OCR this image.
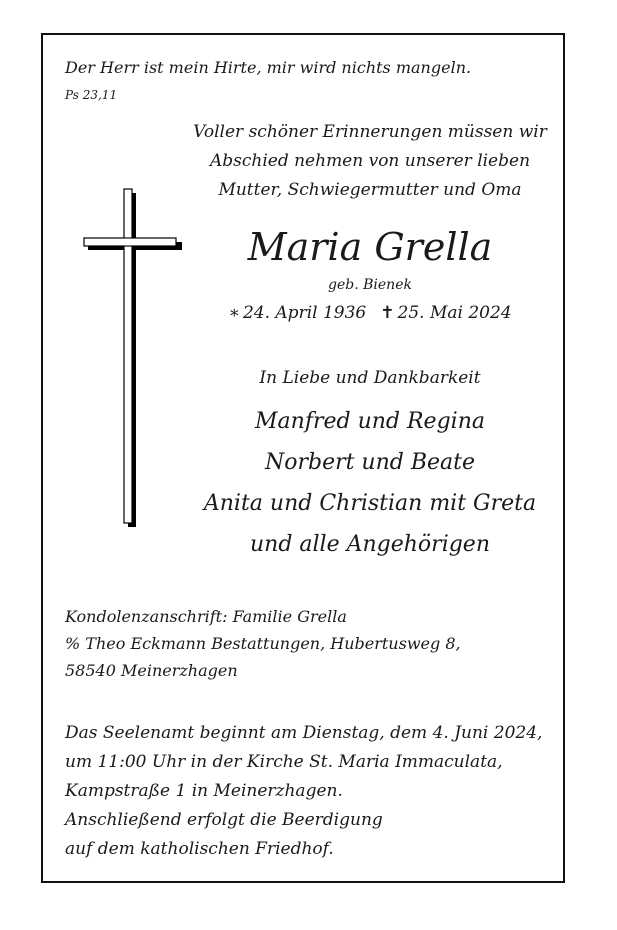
Der Herr ist mein Hirte, mir wird nichts mangeln.
Ps 23,11
Voller schöner Erinnerungen müssen wir
Abschied nehmen von unserer lieben
Mutter, Schwiegermutter und Oma
Maria Grella
geb. Bienek
∗ 24. April 1936 ✝ 25. Mai 2024
In Liebe und Dankbarkeit
Manfred und Regina
Norbert und Beate
Anita und Christian mit Greta
und alle Angehörigen
Kondolenzanschrift: Familie Grella
% Theo Eckmann Bestattungen, Hubertusweg 8,
58540 Meinerzhagen
Das Seelenamt beginnt am Dienstag, dem 4. Juni 2024,
um 11:00 Uhr in der Kirche St. Maria Immaculata,
Kampstraße 1 in Meinerzhagen.
Anschließend erfolgt die Beerdigung
auf dem katholischen Friedhof.
